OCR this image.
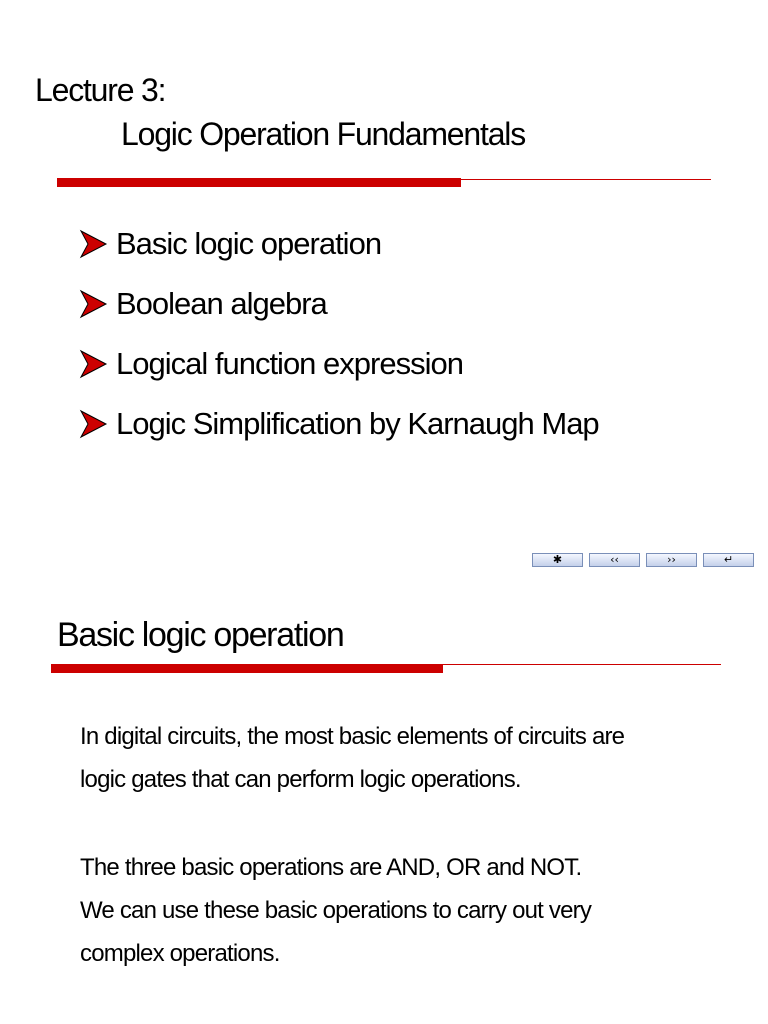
Lecture 3:
Logic Operation Fundamentals
Basic logic operation
Boolean algebra
Logical function expression
Logic Simplification by Karnaugh Map
✱	‹‹	››	↵
Basic logic operation
In digital circuits, the most basic elements of circuits are
logic gates that can perform logic operations.
The three basic operations are AND, OR and NOT.
We can use these basic operations to carry out very
complex operations.
